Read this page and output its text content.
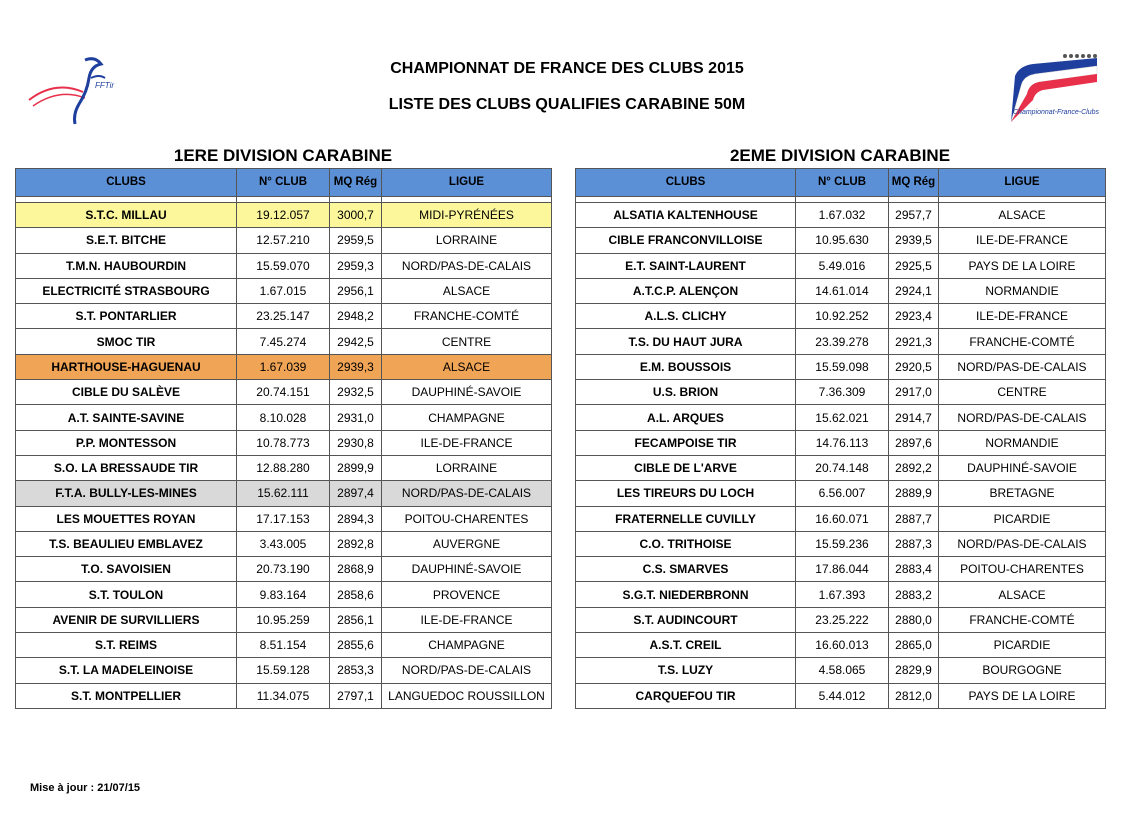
FFTir
Championnat-France-Clubs
CHAMPIONNAT DE FRANCE DES CLUBS 2015
LISTE DES CLUBS QUALIFIES CARABINE 50M
1ERE DIVISION CARABINE	2EME DIVISION CARABINE
CLUBS	N° CLUB	MQ Rég	LIGUE

S.T.C. MILLAU	19.12.057	3000,7	MIDI-PYRÉNÉES
S.E.T. BITCHE	12.57.210	2959,5	LORRAINE
T.M.N. HAUBOURDIN	15.59.070	2959,3	NORD/PAS-DE-CALAIS
ELECTRICITÉ STRASBOURG	1.67.015	2956,1	ALSACE
S.T. PONTARLIER	23.25.147	2948,2	FRANCHE-COMTÉ
SMOC TIR	7.45.274	2942,5	CENTRE
HARTHOUSE-HAGUENAU	1.67.039	2939,3	ALSACE
CIBLE DU SALÈVE	20.74.151	2932,5	DAUPHINÉ-SAVOIE
A.T. SAINTE-SAVINE	8.10.028	2931,0	CHAMPAGNE
P.P. MONTESSON	10.78.773	2930,8	ILE-DE-FRANCE
S.O. LA BRESSAUDE TIR	12.88.280	2899,9	LORRAINE
F.T.A. BULLY-LES-MINES	15.62.111	2897,4	NORD/PAS-DE-CALAIS
LES MOUETTES ROYAN	17.17.153	2894,3	POITOU-CHARENTES
T.S. BEAULIEU EMBLAVEZ	3.43.005	2892,8	AUVERGNE
T.O. SAVOISIEN	20.73.190	2868,9	DAUPHINÉ-SAVOIE
S.T. TOULON	9.83.164	2858,6	PROVENCE
AVENIR DE SURVILLIERS	10.95.259	2856,1	ILE-DE-FRANCE
S.T. REIMS	8.51.154	2855,6	CHAMPAGNE
S.T. LA MADELEINOISE	15.59.128	2853,3	NORD/PAS-DE-CALAIS
S.T. MONTPELLIER	11.34.075	2797,1	LANGUEDOC ROUSSILLON
CLUBS	N° CLUB	MQ Rég	LIGUE

ALSATIA KALTENHOUSE	1.67.032	2957,7	ALSACE
CIBLE FRANCONVILLOISE	10.95.630	2939,5	ILE-DE-FRANCE
E.T. SAINT-LAURENT	5.49.016	2925,5	PAYS DE LA LOIRE
A.T.C.P. ALENÇON	14.61.014	2924,1	NORMANDIE
A.L.S. CLICHY	10.92.252	2923,4	ILE-DE-FRANCE
T.S. DU HAUT JURA	23.39.278	2921,3	FRANCHE-COMTÉ
E.M. BOUSSOIS	15.59.098	2920,5	NORD/PAS-DE-CALAIS
U.S. BRION	7.36.309	2917,0	CENTRE
A.L. ARQUES	15.62.021	2914,7	NORD/PAS-DE-CALAIS
FECAMPOISE TIR	14.76.113	2897,6	NORMANDIE
CIBLE DE L'ARVE	20.74.148	2892,2	DAUPHINÉ-SAVOIE
LES TIREURS DU LOCH	6.56.007	2889,9	BRETAGNE
FRATERNELLE CUVILLY	16.60.071	2887,7	PICARDIE
C.O. TRITHOISE	15.59.236	2887,3	NORD/PAS-DE-CALAIS
C.S. SMARVES	17.86.044	2883,4	POITOU-CHARENTES
S.G.T. NIEDERBRONN	1.67.393	2883,2	ALSACE
S.T. AUDINCOURT	23.25.222	2880,0	FRANCHE-COMTÉ
A.S.T. CREIL	16.60.013	2865,0	PICARDIE
T.S. LUZY	4.58.065	2829,9	BOURGOGNE
CARQUEFOU TIR	5.44.012	2812,0	PAYS DE LA LOIRE
Mise à jour : 21/07/15
